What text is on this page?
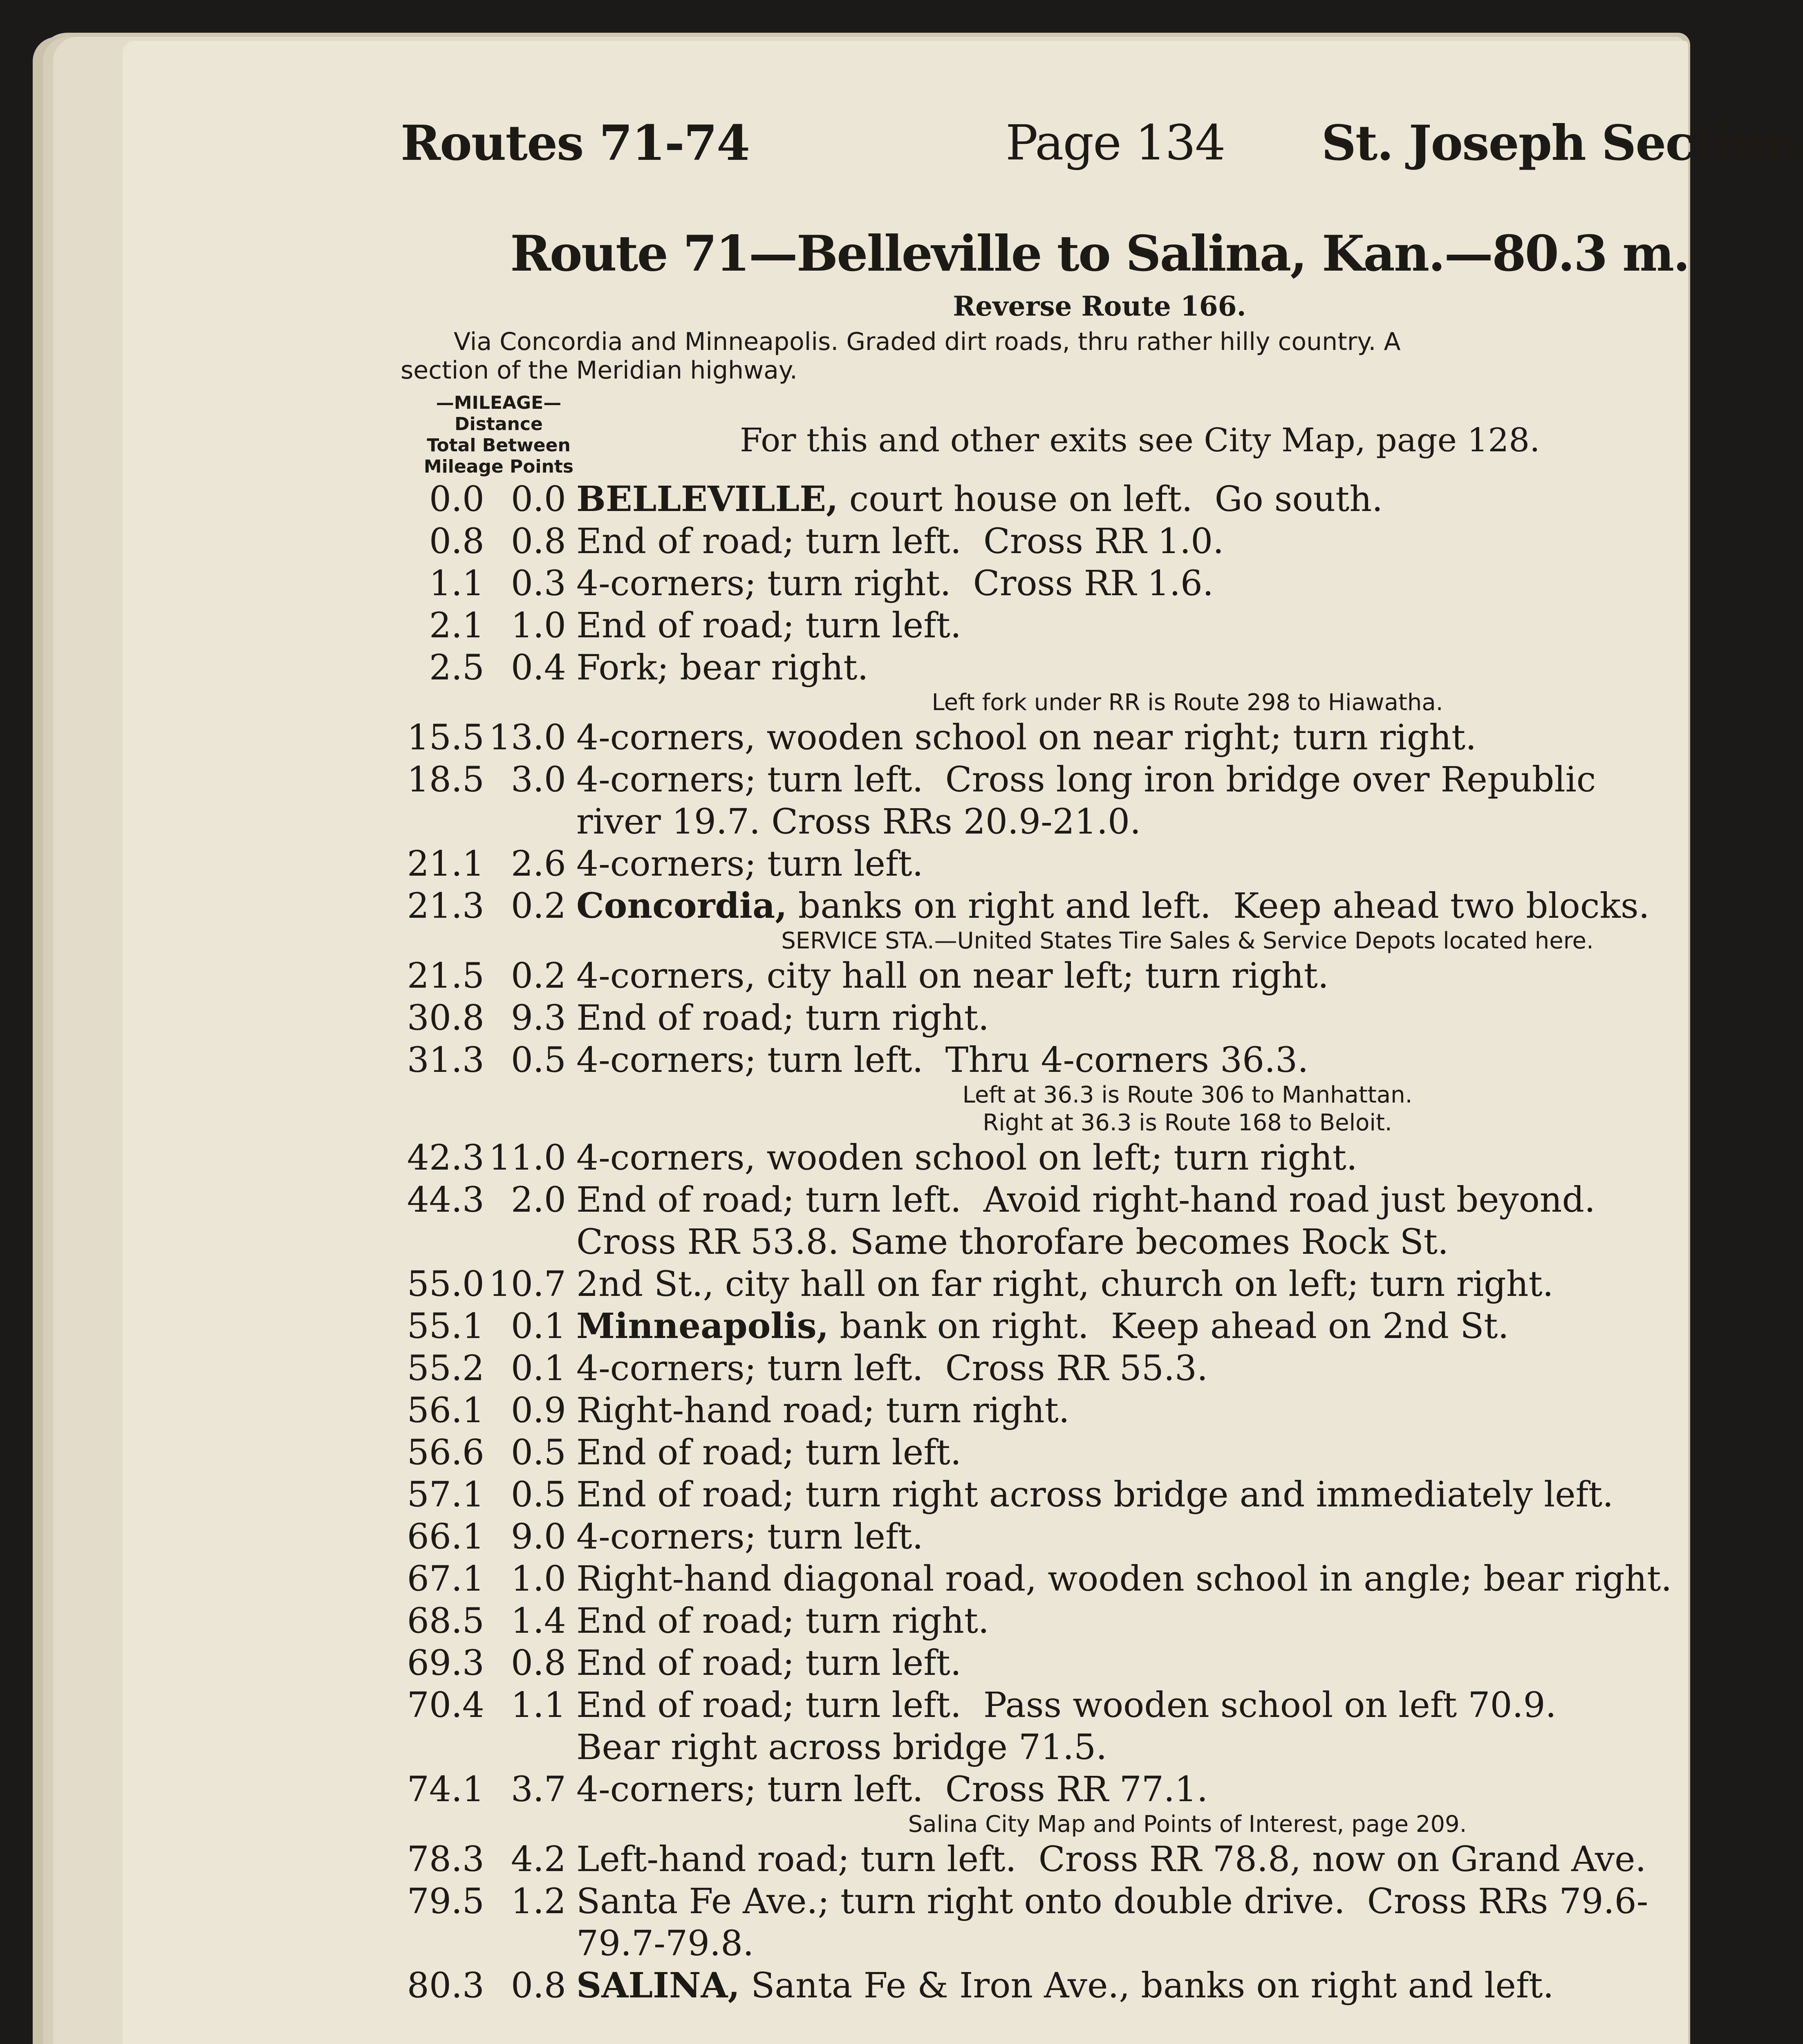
Routes 71-74	Page 134 St. Joseph Section
Route 71—Belleville to Salina, Kan.—80.3 m.
Reverse Route 166.
Via Concordia and Minneapolis. Graded dirt roads, thru rather hilly country. A
section of the Meridian highway.
—MILEAGE—
Distance
Total Between
Mileage Points
For this and other exits see City Map, page 128.
0.0 0.0 BELLEVILLE, court house on left.  Go south.
0.8 0.8 End of road; turn left.  Cross RR 1.0.
1.1 0.3 4-corners; turn right.  Cross RR 1.6.
2.1 1.0 End of road; turn left.
2.5 0.4 Fork; bear right.
Left fork under RR is Route 298 to Hiawatha.
15.5 13.0 4-corners, wooden school on near right; turn right.
18.5 3.0 4-corners; turn left.  Cross long iron bridge over Republic
river 19.7. Cross RRs 20.9-21.0.
21.1 2.6 4-corners; turn left.
21.3 0.2 Concordia, banks on right and left.  Keep ahead two blocks.
SERVICE STA.—United States Tire Sales & Service Depots located here.
21.5 0.2 4-corners, city hall on near left; turn right.
30.8 9.3 End of road; turn right.
31.3 0.5 4-corners; turn left.  Thru 4-corners 36.3.
Left at 36.3 is Route 306 to Manhattan.
Right at 36.3 is Route 168 to Beloit.
42.3 11.0 4-corners, wooden school on left; turn right.
44.3 2.0 End of road; turn left.  Avoid right-hand road just beyond.
Cross RR 53.8. Same thorofare becomes Rock St.
55.0 10.7 2nd St., city hall on far right, church on left; turn right.
55.1 0.1 Minneapolis, bank on right.  Keep ahead on 2nd St.
55.2 0.1 4-corners; turn left.  Cross RR 55.3.
56.1 0.9 Right-hand road; turn right.
56.6 0.5 End of road; turn left.
57.1 0.5 End of road; turn right across bridge and immediately left.
66.1 9.0 4-corners; turn left.
67.1 1.0 Right-hand diagonal road, wooden school in angle; bear right.
68.5 1.4 End of road; turn right.
69.3 0.8 End of road; turn left.
70.4 1.1 End of road; turn left.  Pass wooden school on left 70.9.
Bear right across bridge 71.5.
74.1 3.7 4-corners; turn left.  Cross RR 77.1.
Salina City Map and Points of Interest, page 209.
78.3 4.2 Left-hand road; turn left.  Cross RR 78.8, now on Grand Ave.
79.5 1.2 Santa Fe Ave.; turn right onto double drive.  Cross RRs 79.6-
79.7-79.8.
80.3 0.8 SALINA, Santa Fe & Iron Ave., banks on right and left.
